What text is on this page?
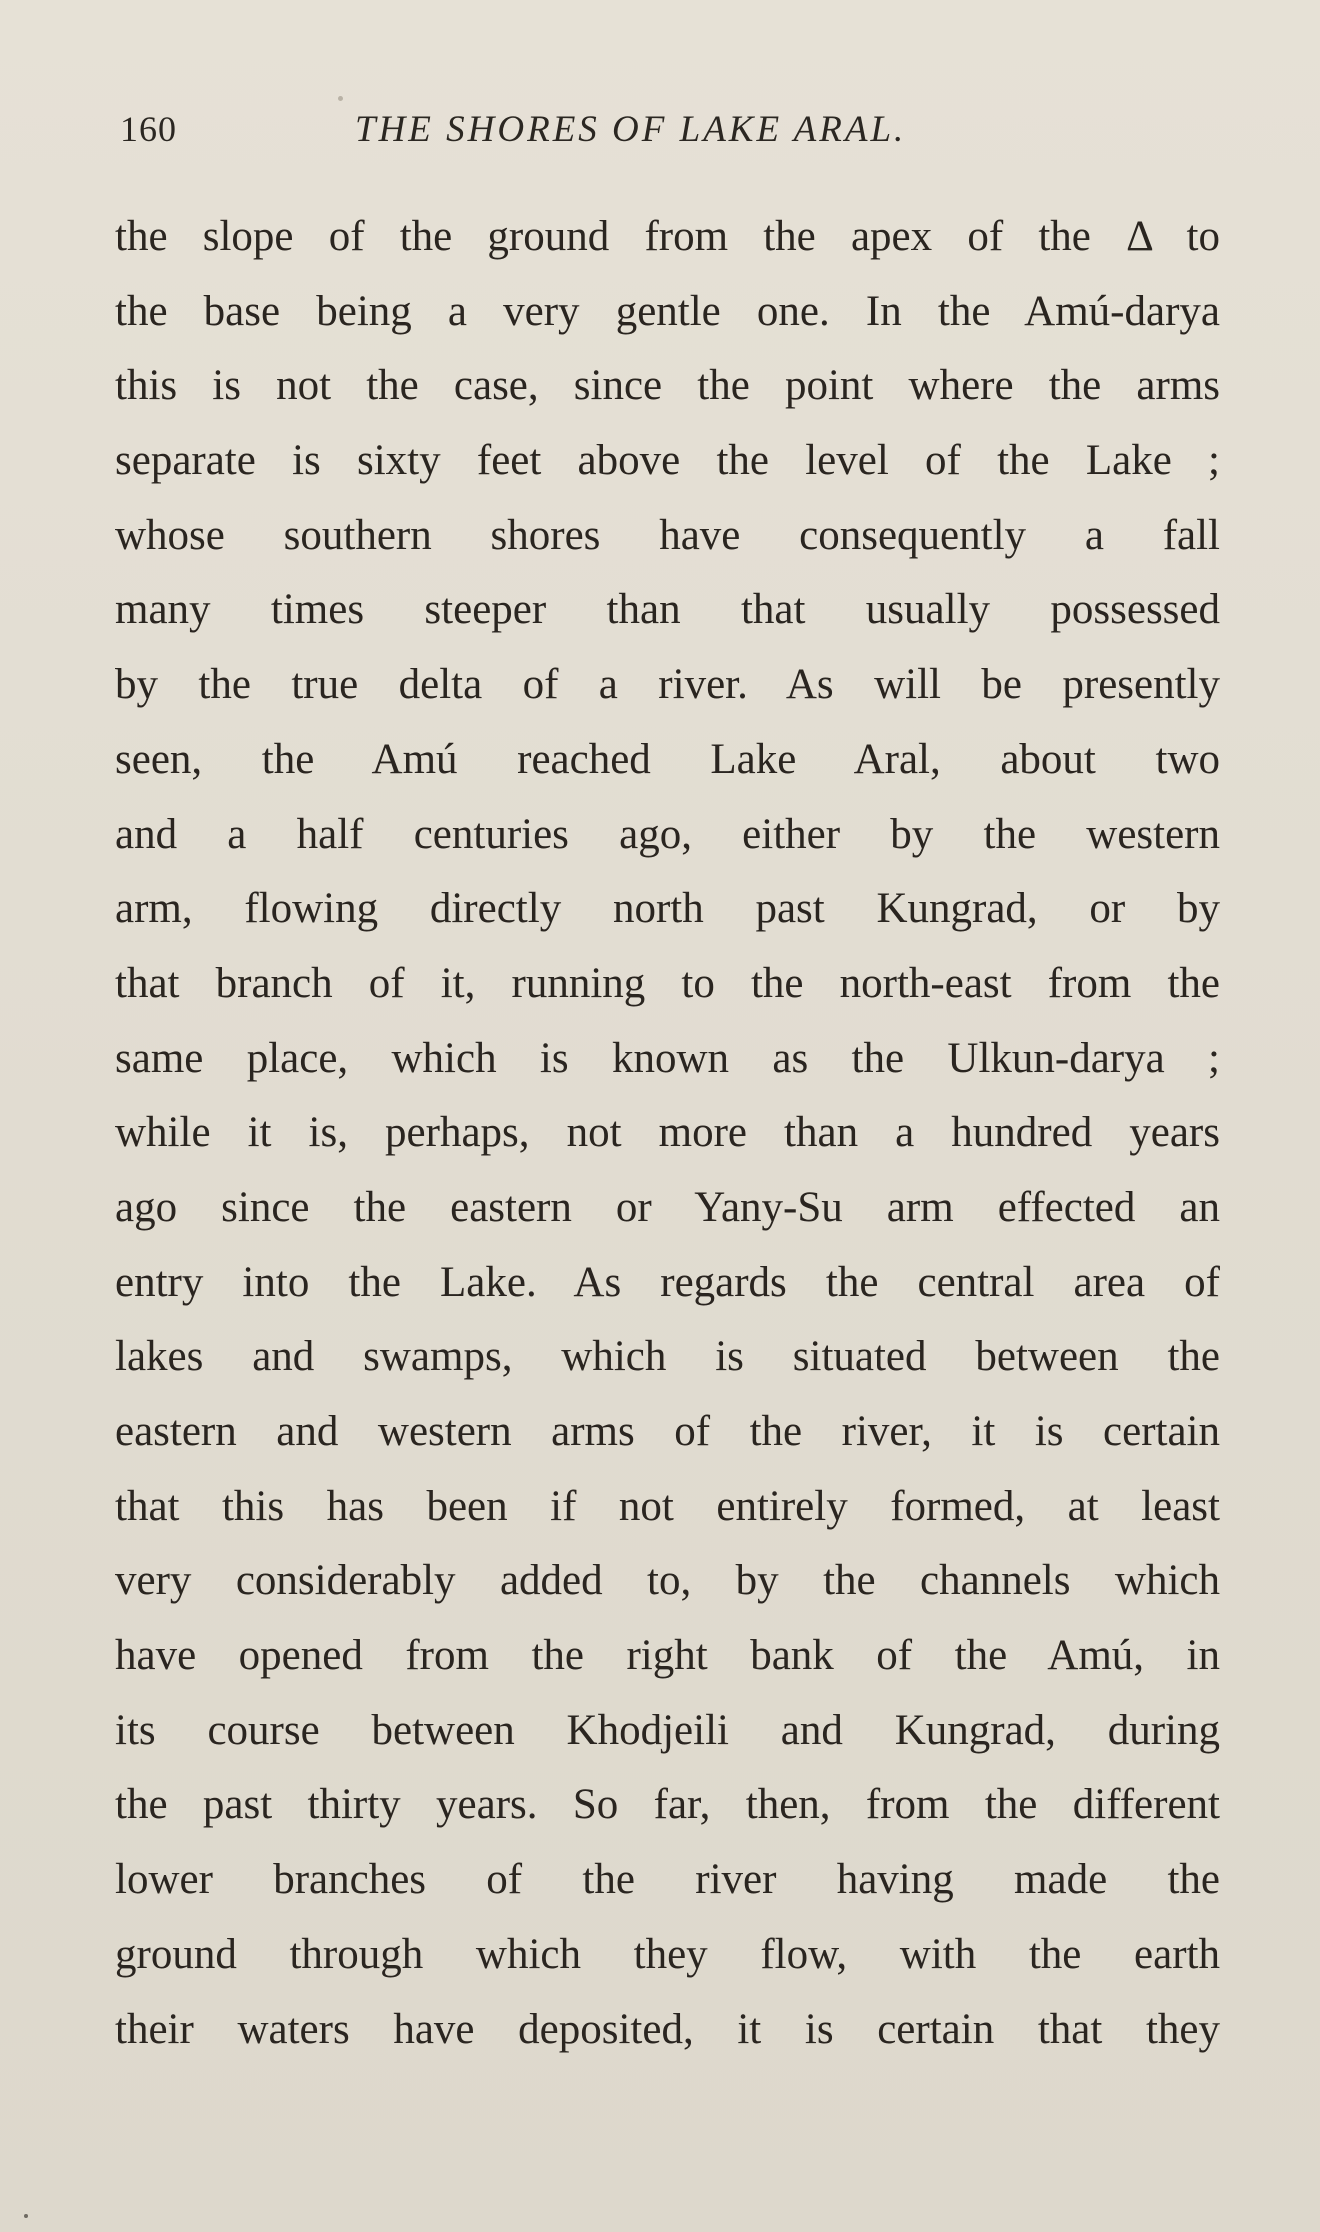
160	THE SHORES OF LAKE ARAL.
the slope of the ground from the apex of the Δ to
the base being a very gentle one. In the Amú-darya
this is not the case, since the point where the arms
separate is sixty feet above the level of the Lake ;
whose southern shores have consequently a fall
many times steeper than that usually possessed
by the true delta of a river. As will be presently
seen, the Amú reached Lake Aral, about two
and a half centuries ago, either by the western
arm, flowing directly north past Kungrad, or by
that branch of it, running to the north-east from the
same place, which is known as the Ulkun-darya ;
while it is, perhaps, not more than a hundred years
ago since the eastern or Yany-Su arm effected an
entry into the Lake. As regards the central area of
lakes and swamps, which is situated between the
eastern and western arms of the river, it is certain
that this has been if not entirely formed, at least
very considerably added to, by the channels which
have opened from the right bank of the Amú, in
its course between Khodjeili and Kungrad, during
the past thirty years. So far, then, from the different
lower branches of the river having made the
ground through which they flow, with the earth
their waters have deposited, it is certain that they
